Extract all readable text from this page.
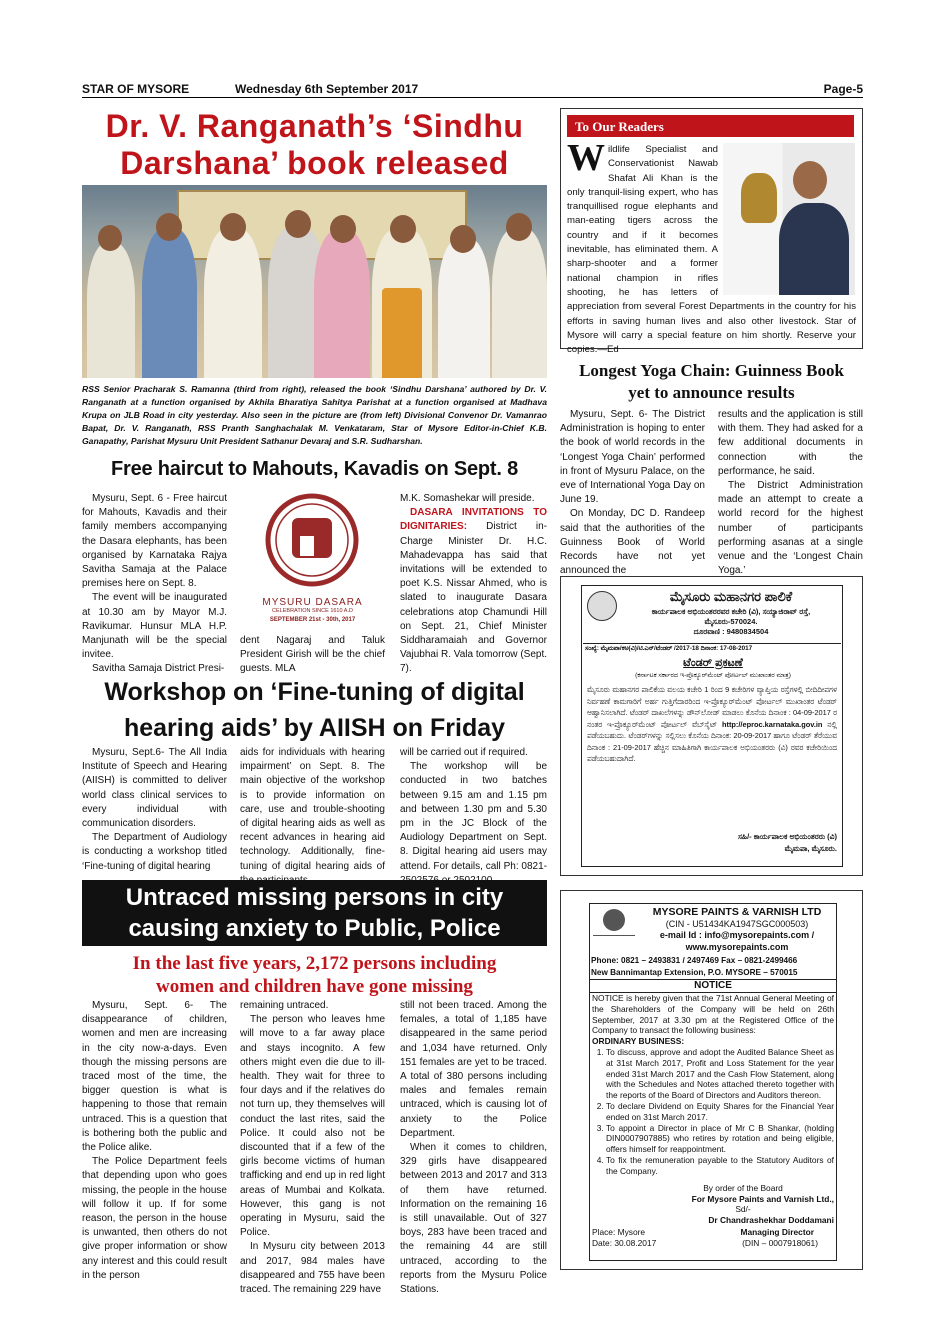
STAR OF MYSORE	Wednesday 6th September 2017	Page-5
Dr. V. Ranganath’s ‘Sindhu
Darshana’ book released
RSS Senior Pracharak S. Ramanna (third from right), released the book ‘Sindhu Darshana’ authored by Dr. V. Ranganath at a function organised by Akhila Bharatiya Sahitya Parishat at a function organised at Madhava Krupa on JLB Road in city yesterday. Also seen in the picture are (from left) Divisional Convenor Dr. Vamanrao Bapat, Dr. V. Ranganath, RSS Pranth Sanghachalak M. Venkataram, Star of Mysore Editor-in-Chief K.B. Ganapathy, Parishat Mysuru Unit President Sathanur Devaraj and S.R. Sudharshan.
To Our Readers
Wildlife Specialist and Conservationist Nawab Shafat Ali Khan is the only tranquil-lising expert, who has tranquillised rogue elephants and man-eating tigers across the country and if it becomes inevitable, has eliminated them. A sharp-shooter and a former national champion in rifles shooting, he has letters of appreciation from several Forest Departments in the country for his efforts in saving human lives and also other livestock. Star of Mysore will carry a special feature on him shortly. Reserve your copies.—Ed
Longest Yoga Chain: Guinness Book
yet to announce results

Mysuru, Sept. 6- The District Administration is hoping to enter the book of world records in the ‘Longest Yoga Chain’ performed in front of Mysuru Palace, on the eve of International Yoga Day on June 19.

On Monday, DC D. Randeep said that the authorities of the Guinness Book of World Records have not yet announced the

results and the application is still with them. They had asked for a few additional documents in connection with the performance, he said.

The District Administration made an attempt to create a world record for the highest number of participants performing asanas at a single venue and the ‘Longest Chain Yoga.’

Free haircut to Mahouts, Kavadis on Sept. 8

Mysuru, Sept. 6 - Free haircut for Mahouts, Kavadis and their family members accompanying the Dasara elephants, has been organised by Karnataka Rajya Savitha Samaja at the Palace premises here on Sept. 8.

The event will be inaugurated at 10.30 am by Mayor M.J. Ravikumar. Hunsur MLA H.P. Manjunath will be the special invitee.

Savitha Samaja District Presi-

MYSURU DASARA
CELEBRATION SINCE 1610 A.D
SEPTEMBER 21st - 30th, 2017
dent Nagaraj and Taluk President Girish will be the chief guests. MLA
M.K. Somashekar will preside.
DASARA INVITATIONS TO DIGNITARIES: District in-Charge Minister Dr. H.C. Mahadevappa has said that invitations will be extended to poet K.S. Nissar Ahmed, who is slated to inaugurate Dasara celebrations atop Chamundi Hill on Sept. 21, Chief Minister Siddharamaiah and Governor Vajubhai R. Vala tomorrow (Sept. 7).
Workshop on ‘Fine-tuning of digital
hearing aids’ by AIISH on Friday

Mysuru, Sept.6- The All India Institute of Speech and Hearing (AIISH) is committed to deliver world class clinical services to every individual with communication disorders.

The Department of Audiology is conducting a workshop titled ‘Fine-tuning of digital hearing

aids for individuals with hearing impairment’ on Sept. 8. The main objective of the workshop is to provide information on care, use and trouble-shooting of digital hearing aids as well as recent advances in hearing aid technology. Additionally, fine-tuning of digital hearing aids of
will be carried out if required.

The workshop will be conducted in two batches between 9.15 am and 1.15 pm and between 1.30 pm and 5.30 pm in the JC Block of the Audiology Department on Sept. 8. Digital hearing aid users may attend. For details, call Ph: 0821-

Untraced missing persons in city
causing anxiety to Public, Police
In the last five years, 2,172 persons including
women and children have gone missing

Mysuru, Sept. 6- The disappearance of children, women and men are increasing in the city now-a-days. Even though the missing persons are traced most of the time, the bigger question is what is happening to those that remain untraced. This is a question that is bothering both the public and the Police alike.

The Police Department feels that depending upon who goes missing, the people in the house will follow it up. If for some reason, the person in the house is unwanted, then others do not give proper information or show any interest and this could result in the person

remaining untraced.

The person who leaves hme will move to a far away place and stays incognito. A few others might even die due to ill-health. They wait for three to four days and if the relatives do not turn up, they themselves will conduct the last rites, said the Police. It could also not be discounted that if a few of the girls become victims of human trafficking and end up in red light areas of Mumbai and Kolkata. However, this gang is not operating in Mysuru, said the Police.

In Mysuru city between 2013 and 2017, 984 males have disappeared and 755 have been traced. The remaining 229 have

still not been traced. Among the females, a total of 1,185 have disappeared in the same period and 1,034 have returned. Only 151 females are yet to be traced. A total of 380 persons including males and females remain untraced, which is causing lot of anxiety to the Police Department.

When it comes to children, 329 girls have disappeared between 2013 and 2017 and 313 of them have returned. Information on the remaining 16 is still unavailable. Out of 327 boys, 283 have been traced and the remaining 44 are still untraced, according to the reports from the Mysuru Police Stations.

ಮೈಸೂರು ಮಹಾನಗರ ಪಾಲಿಕೆ
ಕಾರ್ಯಪಾಲಕ ಅಭಿಯಂತರರವರ ಕಚೇರಿ (ವಿ), ಸಯ್ಯಾಜಿರಾವ್ ರಸ್ತೆ,
ಮೈಸೂರು-570024.
ದೂರವಾಣಿ : 9480834504
ಸಂಖ್ಯೆ: ಮೈಮಪಾ/ಕಅ(ವಿ)/ಟಿ.ಎನ್/ಟೆಂಡರ್ /2017-18 ದಿನಾಂಕ: 17-08-2017
ಟೆಂಡರ್ ಪ್ರಕಟಣೆ
(ಕರ್ನಾಟಕ ಸರ್ಕಾರದ ಇ-ಪ್ರೊಕ್ಯೂರ್‌ಮೆಂಟ್ ಪೋರ್ಟಲ್ ಮುಖಾಂತರ ಮಾತ್ರ)
ಮೈಸೂರು ಮಹಾನಗರ ಪಾಲಿಕೆಯ ವಲಯ ಕಚೇರಿ 1 ರಿಂದ 9 ಕಚೇರಿಗಳ ವ್ಯಾಪ್ತಿಯ ರಸ್ತೆಗಳಲ್ಲಿ ಬೀದಿದೀಪಗಳ ನಿರ್ವಹಣೆ ಕಾಮಗಾರಿಗೆ ಅರ್ಹ ಗುತ್ತಿಗೆದಾರರಿಂದ ಇ-ಪ್ರೊಕ್ಯೂರ್‌ಮೆಂಟ್ ಪೋರ್ಟಲ್ ಮುಖಾಂತರ ಟೆಂಡರ್ ಆಹ್ವಾನಿಸಲಾಗಿದೆ. ಟೆಂಡರ್ ದಾಖಲೆಗಳನ್ನು ಡೌನ್‌ಲೋಡ್ ಮಾಡಲು ಕೊನೆಯ ದಿನಾಂಕ : 04-09-2017 ರ ನಂತರ ಇ-ಪ್ರೊಕ್ಯೂರ್‌ಮೆಂಟ್ ಪೋರ್ಟಲ್ ವೆಬ್‌ಸೈಟ್ http://eproc.karnataka.gov.in ನಲ್ಲಿ ಪಡೆಯಬಹುದು. ಟೆಂಡರ್‌ಗಳನ್ನು ಸಲ್ಲಿಸಲು ಕೊನೆಯ ದಿನಾಂಕ: 20-09-2017 ಹಾಗೂ ಟೆಂಡರ್ ತೆರೆಯುವ ದಿನಾಂಕ : 21-09-2017 ಹೆಚ್ಚಿನ ಮಾಹಿತಿಗಾಗಿ ಕಾರ್ಯಪಾಲಕ ಅಭಿಯಂತರರು (ವಿ) ರವರ ಕಚೇರಿಯಿಂದ ಪಡೆಯಬಹುದಾಗಿದೆ.
ಸಹಿ/- ಕಾರ್ಯಪಾಲಕ ಅಭಿಯಂತರರು (ವಿ)
ಮೈಮಪಾ, ಮೈಸೂರು.
MYSORE PAINTS & VARNISH LTD
(CIN - U51434KA1947SGC000503)
e-mail Id : info@mysorepaints.com /
www.mysorepaints.com
Phone: 0821 – 2493831 / 2497469 Fax – 0821-2499466
New Bannimantap Extension, P.O. MYSORE – 570015
NOTICE
NOTICE is hereby given that the 71st Annual General Meeting of the Shareholders of the Company will be held on 26th September, 2017 at 3.30 pm at the Registered Office of the Company to transact the following business:
ORDINARY BUSINESS:
1. To discuss, approve and adopt the Audited Balance Sheet as at 31st March 2017, Profit and Loss Statement for the year ended 31st March 2017 and the Cash Flow Statement, along with the Schedules and Notes attached thereto together with the reports of the Board of Directors and Auditors thereon.
2. To declare Dividend on Equity Shares for the Financial Year ended on 31st March 2017.
3. To appoint a Director in place of Mr C B Shankar, (holding DIN0007907885) who retires by rotation and being eligible, offers himself for reappointment.
4. To fix the remuneration payable to the Statutory Auditors of the Company.
By order of the Board
For Mysore Paints and Varnish Ltd.,
Sd/-
Dr Chandrashekhar Doddamani
Place: Mysore	Managing Director
Date: 30.08.2017	(DIN – 0007918061)
